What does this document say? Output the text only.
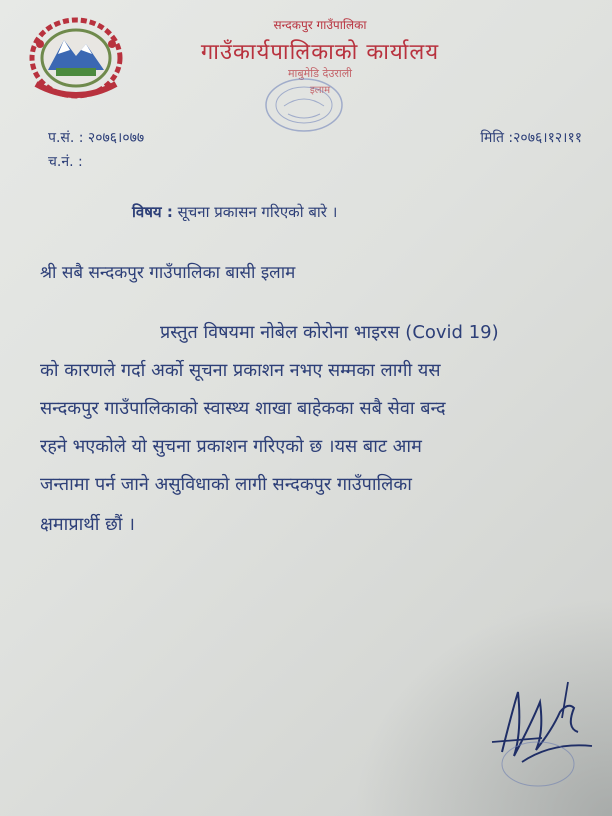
सन्दकपुर गाउँपालिका
गाउँकार्यपालिकाको कार्यालय
माबुमेडि देउराली
इलाम
प.सं. : २०७६।०७७
च.नं. :
मिति :२०७६।१२।११
विषय : सूचना प्रकासन गरिएको बारे ।
श्री सबै सन्दकपुर गाउँपालिका बासी इलाम
प्रस्तुत विषयमा नोबेल कोरोना भाइरस (Covid 19)
को कारणले गर्दा अर्को सूचना प्रकाशन नभए सम्मका लागी यस
सन्दकपुर गाउँपालिकाको स्वास्थ्य शाखा बाहेकका सबै सेवा बन्द
रहने भएकोले यो सुचना प्रकाशन गरिएको छ ।यस बाट आम
जन्तामा पर्न जाने असुविधाको लागी सन्दकपुर गाउँपालिका
क्षमाप्रार्थी छौं ।
